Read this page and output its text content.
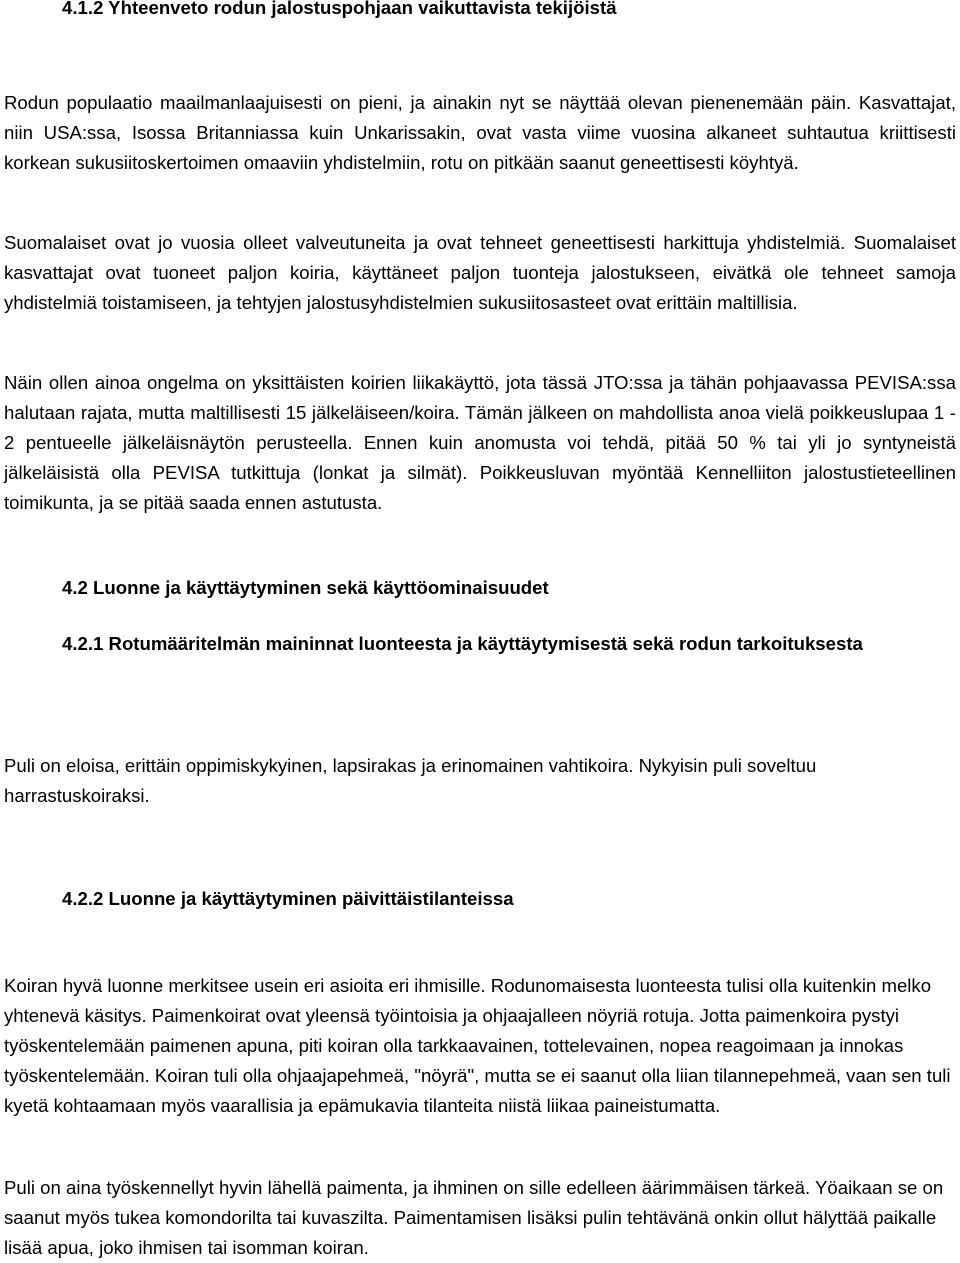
4.1.2 Yhteenveto rodun jalostuspohjaan vaikuttavista tekijöistä
Rodun populaatio maailmanlaajuisesti on pieni, ja ainakin nyt se näyttää olevan pienenemään päin. Kasvattajat, niin USA:ssa, Isossa Britanniassa kuin Unkarissakin, ovat vasta viime vuosina alkaneet suhtautua kriittisesti korkean sukusiitoskertoimen omaaviin yhdistelmiin, rotu on pitkään saanut geneettisesti köyhtyä.
Suomalaiset ovat jo vuosia olleet valveutuneita ja ovat tehneet geneettisesti harkittuja yhdistelmiä. Suomalaiset kasvattajat ovat tuoneet paljon koiria, käyttäneet paljon tuonteja jalostukseen, eivätkä ole tehneet samoja yhdistelmiä toistamiseen, ja tehtyjen jalostusyhdistelmien sukusiitosasteet ovat erittäin maltillisia.
Näin ollen ainoa ongelma on yksittäisten koirien liikakäyttö, jota tässä JTO:ssa ja tähän pohjaavassa PEVISA:ssa halutaan rajata, mutta maltillisesti 15 jälkeläiseen/koira. Tämän jälkeen on mahdollista anoa vielä poikkeuslupaa 1 - 2 pentueelle jälkeläisnäytön perusteella. Ennen kuin anomusta voi tehdä, pitää 50 % tai yli jo syntyneistä jälkeläisistä olla PEVISA tutkittuja (lonkat ja silmät). Poikkeusluvan myöntää Kennelliiton jalostustieteellinen toimikunta, ja se pitää saada ennen astutusta.
4.2 Luonne ja käyttäytyminen sekä käyttöominaisuudet
4.2.1 Rotumääritelmän maininnat luonteesta ja käyttäytymisestä sekä rodun tarkoituksesta
Puli on eloisa, erittäin oppimiskykyinen, lapsirakas ja erinomainen vahtikoira. Nykyisin puli soveltuu harrastuskoiraksi.
4.2.2 Luonne ja käyttäytyminen päivittäistilanteissa
Koiran hyvä luonne merkitsee usein eri asioita eri ihmisille. Rodunomaisesta luonteesta tulisi olla kuitenkin melko yhtenevä käsitys. Paimenkoirat ovat yleensä työintoisia ja ohjaajalleen nöyriä rotuja. Jotta paimenkoira pystyi työskentelemään paimenen apuna, piti koiran olla tarkkaavainen, tottelevainen, nopea reagoimaan ja innokas työskentelemään. Koiran tuli olla ohjaajapehmeä, "nöyrä", mutta se ei saanut olla liian tilannepehmeä, vaan sen tuli kyetä kohtaamaan myös vaarallisia ja epämukavia tilanteita niistä liikaa paineistumatta.
Puli on aina työskennellyt hyvin lähellä paimenta, ja ihminen on sille edelleen äärimmäisen tärkeä. Yöaikaan se on saanut myös tukea komondorilta tai kuvaszilta. Paimentamisen lisäksi pulin tehtävänä onkin ollut hälyttää paikalle lisää apua, joko ihmisen tai isomman koiran.
